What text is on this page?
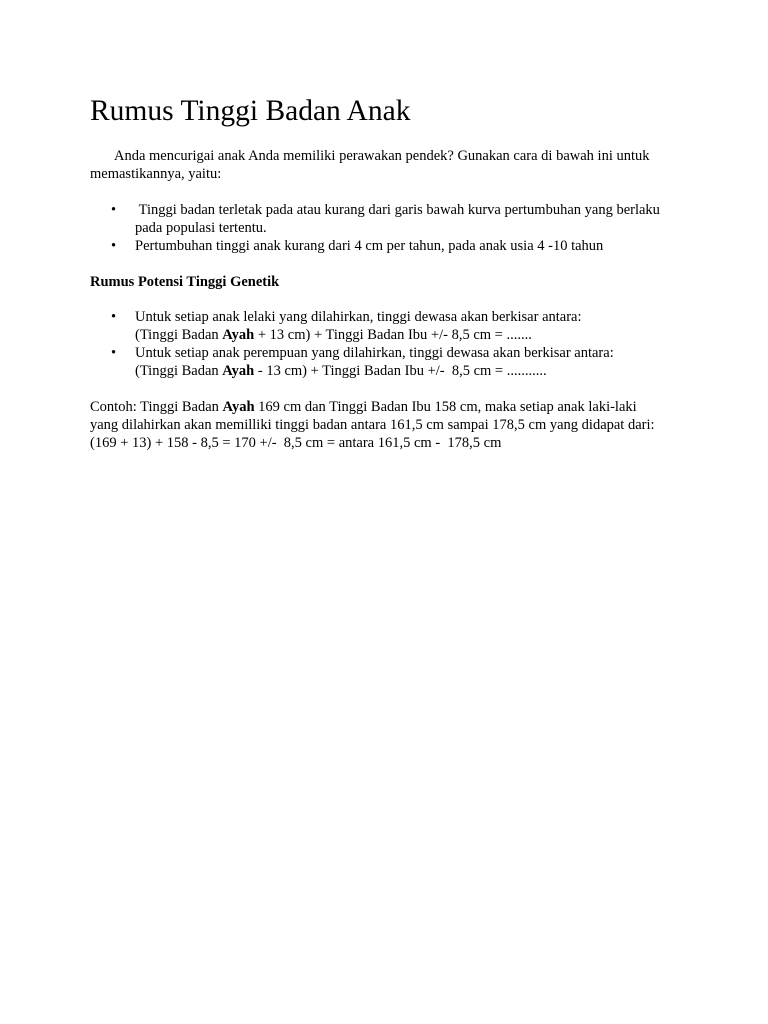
Rumus Tinggi Badan Anak

Anda mencurigai anak Anda memiliki perawakan pendek? Gunakan cara di bawah ini untuk memastikannya, yaitu:

• Tinggi badan terletak pada atau kurang dari garis bawah kurva pertumbuhan yang berlaku pada populasi tertentu.
• Pertumbuhan tinggi anak kurang dari 4 cm per tahun, pada anak usia 4 -10 tahun

Rumus Potensi Tinggi Genetik

• Untuk setiap anak lelaki yang dilahirkan, tinggi dewasa akan berkisar antara:
(Tinggi Badan Ayah + 13 cm) + Tinggi Badan Ibu +/- 8,5 cm = .......
• Untuk setiap anak perempuan yang dilahirkan, tinggi dewasa akan berkisar antara:
(Tinggi Badan Ayah - 13 cm) + Tinggi Badan Ibu +/-  8,5 cm = ...........

Contoh: Tinggi Badan Ayah 169 cm dan Tinggi Badan Ibu 158 cm, maka setiap anak laki-laki
yang dilahirkan akan memilliki tinggi badan antara 161,5 cm sampai 178,5 cm yang didapat dari:
(169 + 13) + 158 - 8,5 = 170 +/-  8,5 cm = antara 161,5 cm -  178,5 cm
